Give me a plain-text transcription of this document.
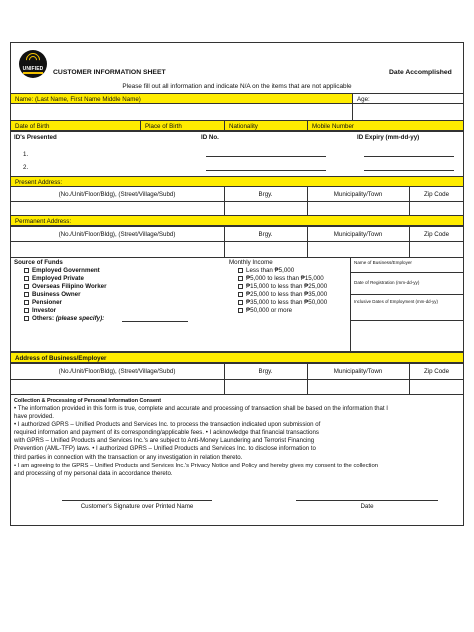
UNIFIED	CUSTOMER INFORMATION SHEET	Date Accomplished
Please fill out all information and indicate N/A on the items that are not applicable
Name: (Last Name, First Name Middle Name)	Age:
Date of Birth	Place of Birth	Nationality	Mobile Number
ID's Presented	ID No.	ID Expiry (mm-dd-yy)
1.
2.
Present Address:
(No./Unit/Floor/Bldg), (Street/Village/Subd)	Brgy.	Municipality/Town	Zip Code
Permanent Address:
(No./Unit/Floor/Bldg), (Street/Village/Subd)	Brgy.	Municipality/Town	Zip Code
Source of Funds
Employed Government
Employed Private
Overseas Filipino Worker
Business Owner
Pensioner
Investor
Others: (please specify):
Monthly Income
Less than ₱5,000
₱5,000 to less than ₱15,000
₱15,000 to less than ₱25,000
₱25,000 to less than ₱35,000
₱35,000 to less than ₱50,000
₱50,000 or more
Name of Business/Employer
Date of Registration (mm-dd-yy)
Inclusive Dates of Employment (mm-dd-yy)
Address of Business/Employer
(No./Unit/Floor/Bldg), (Street/Village/Subd)	Brgy.	Municipality/Town	Zip Code
Collection & Processing of Personal Information Consent
• The information provided in this form is true, complete and accurate and processing of transaction shall be based on the information that I
have provided.
• I authorized GPRS – Unified Products and Services Inc. to process the transaction indicated upon submission of
required information and payment of its corresponding/applicable fees. • I acknowledge that financial transactions
with GPRS – Unified Products and Services Inc.'s are subject to Anti-Money Laundering and Terrorist Financing
Prevention (AML-TFP) laws. • I authorized GPRS – Unified Products and Services Inc. to disclose information to
third parties in connection with the transaction or any investigation in relation thereto.
• I am agreeing to the GPRS – Unified Products and Services Inc.'s Privacy Notice and Policy and hereby gives my consent to the collection
and processing of my personal data in accordance thereto.
Customer's Signature over Printed Name	Date
